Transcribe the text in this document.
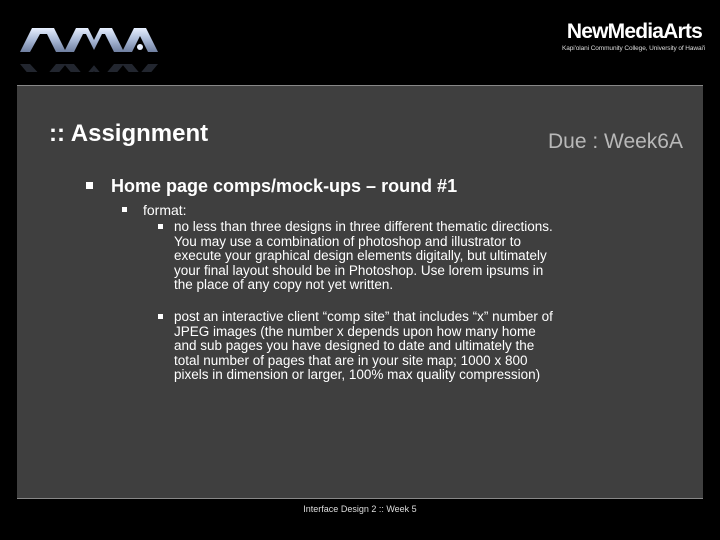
NewMediaArts
Kapi'olani Community College, University of Hawai'i
:: Assignment	Due : Week6A
Home page comps/mock-ups – round #1
format:
no less than three designs in three different thematic directions.
You may use a combination of photoshop and illustrator to
execute your graphical design elements digitally, but ultimately
your final layout should be in Photoshop. Use lorem ipsums in
the place of any copy not yet written.
post an interactive client “comp site” that includes “x” number of
JPEG images (the number x depends upon how many home
and sub pages you have designed to date and ultimately the
total number of pages that are in your site map; 1000 x 800
pixels in dimension or larger, 100% max quality compression)
Interface Design 2 :: Week 5
